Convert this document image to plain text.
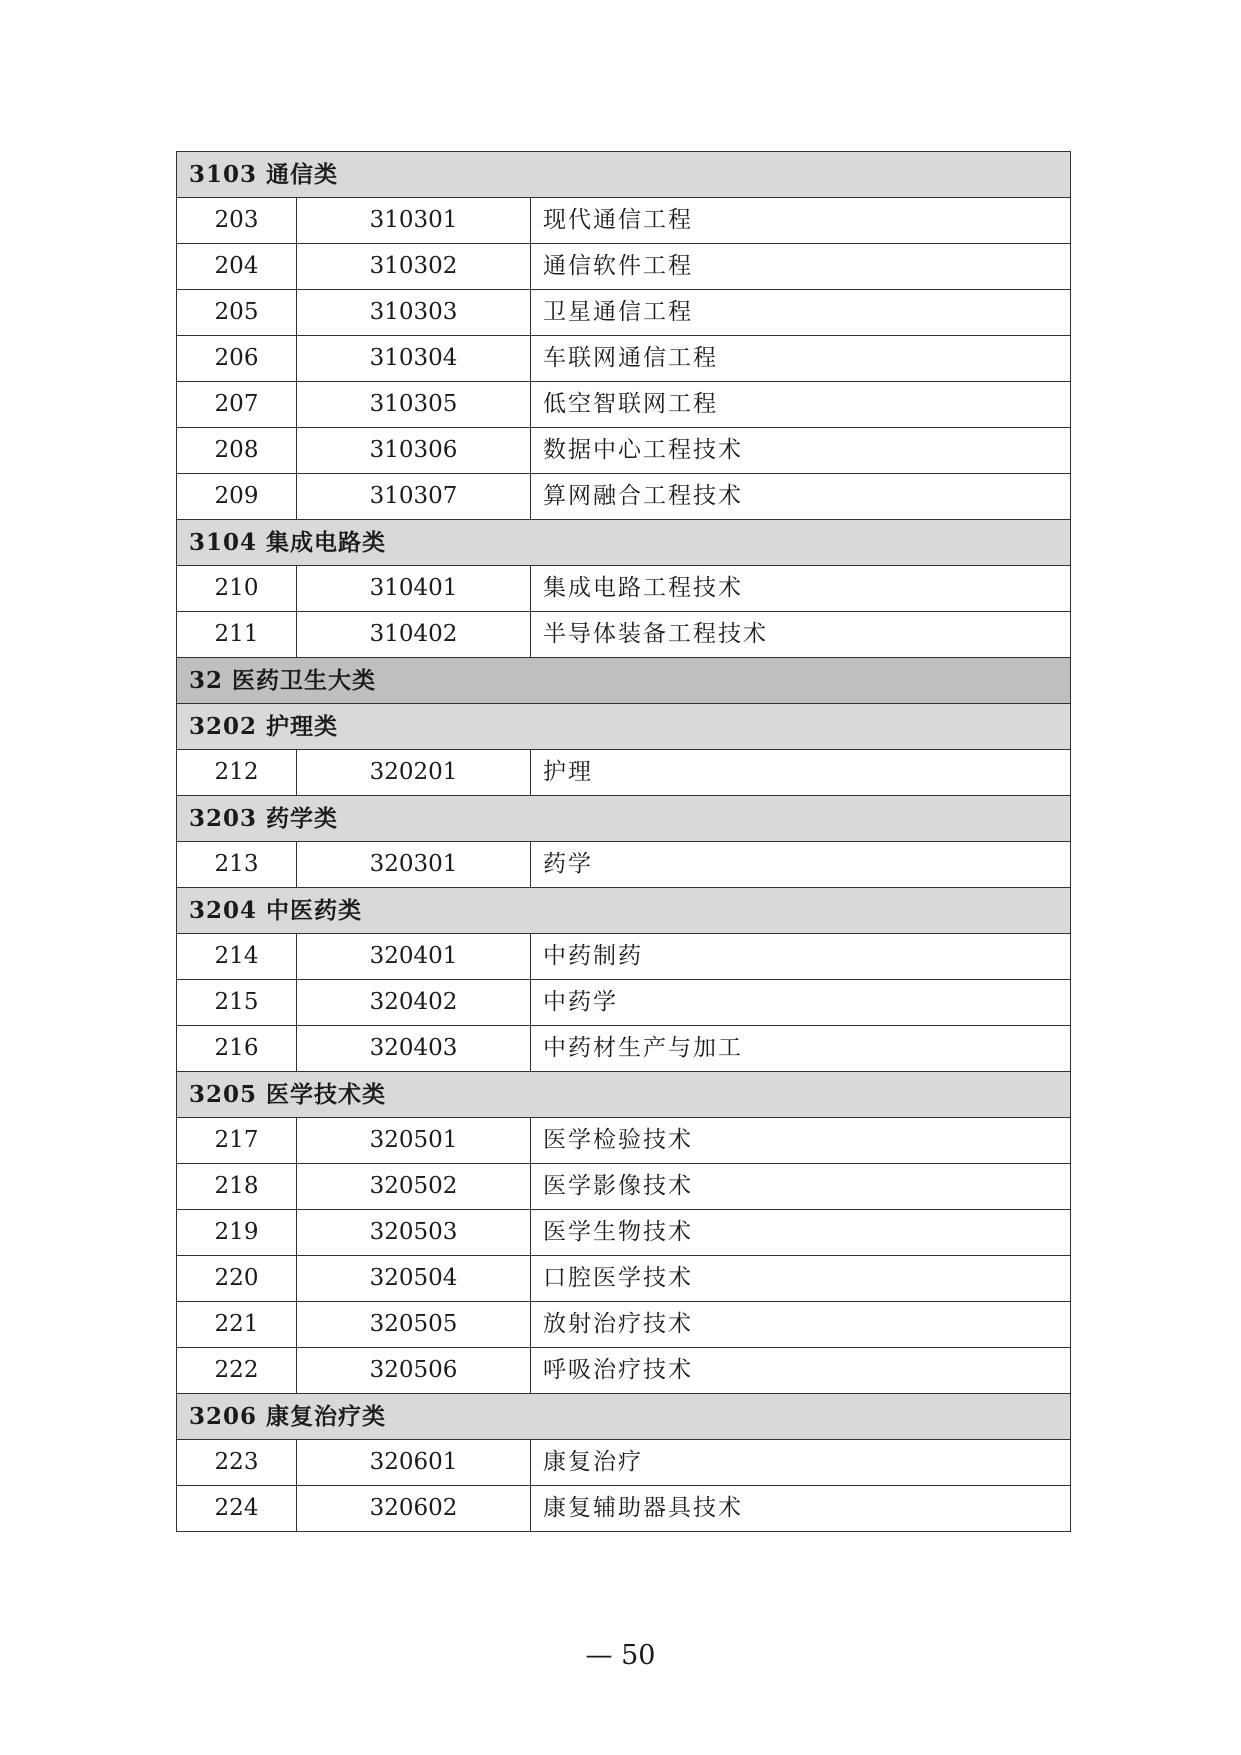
3103 通信类		
203	310301	现代通信工程
204	310302	通信软件工程
205	310303	卫星通信工程
206	310304	车联网通信工程
207	310305	低空智联网工程
208	310306	数据中心工程技术
209	310307	算网融合工程技术
3104 集成电路类		
210	310401	集成电路工程技术
211	310402	半导体装备工程技术
32 医药卫生大类		
3202 护理类		
212	320201	护理
3203 药学类		
213	320301	药学
3204 中医药类		
214	320401	中药制药
215	320402	中药学
216	320403	中药材生产与加工
3205 医学技术类		
217	320501	医学检验技术
218	320502	医学影像技术
219	320503	医学生物技术
220	320504	口腔医学技术
221	320505	放射治疗技术
222	320506	呼吸治疗技术
3206 康复治疗类		
223	320601	康复治疗
224	320602	康复辅助器具技术
— 50
